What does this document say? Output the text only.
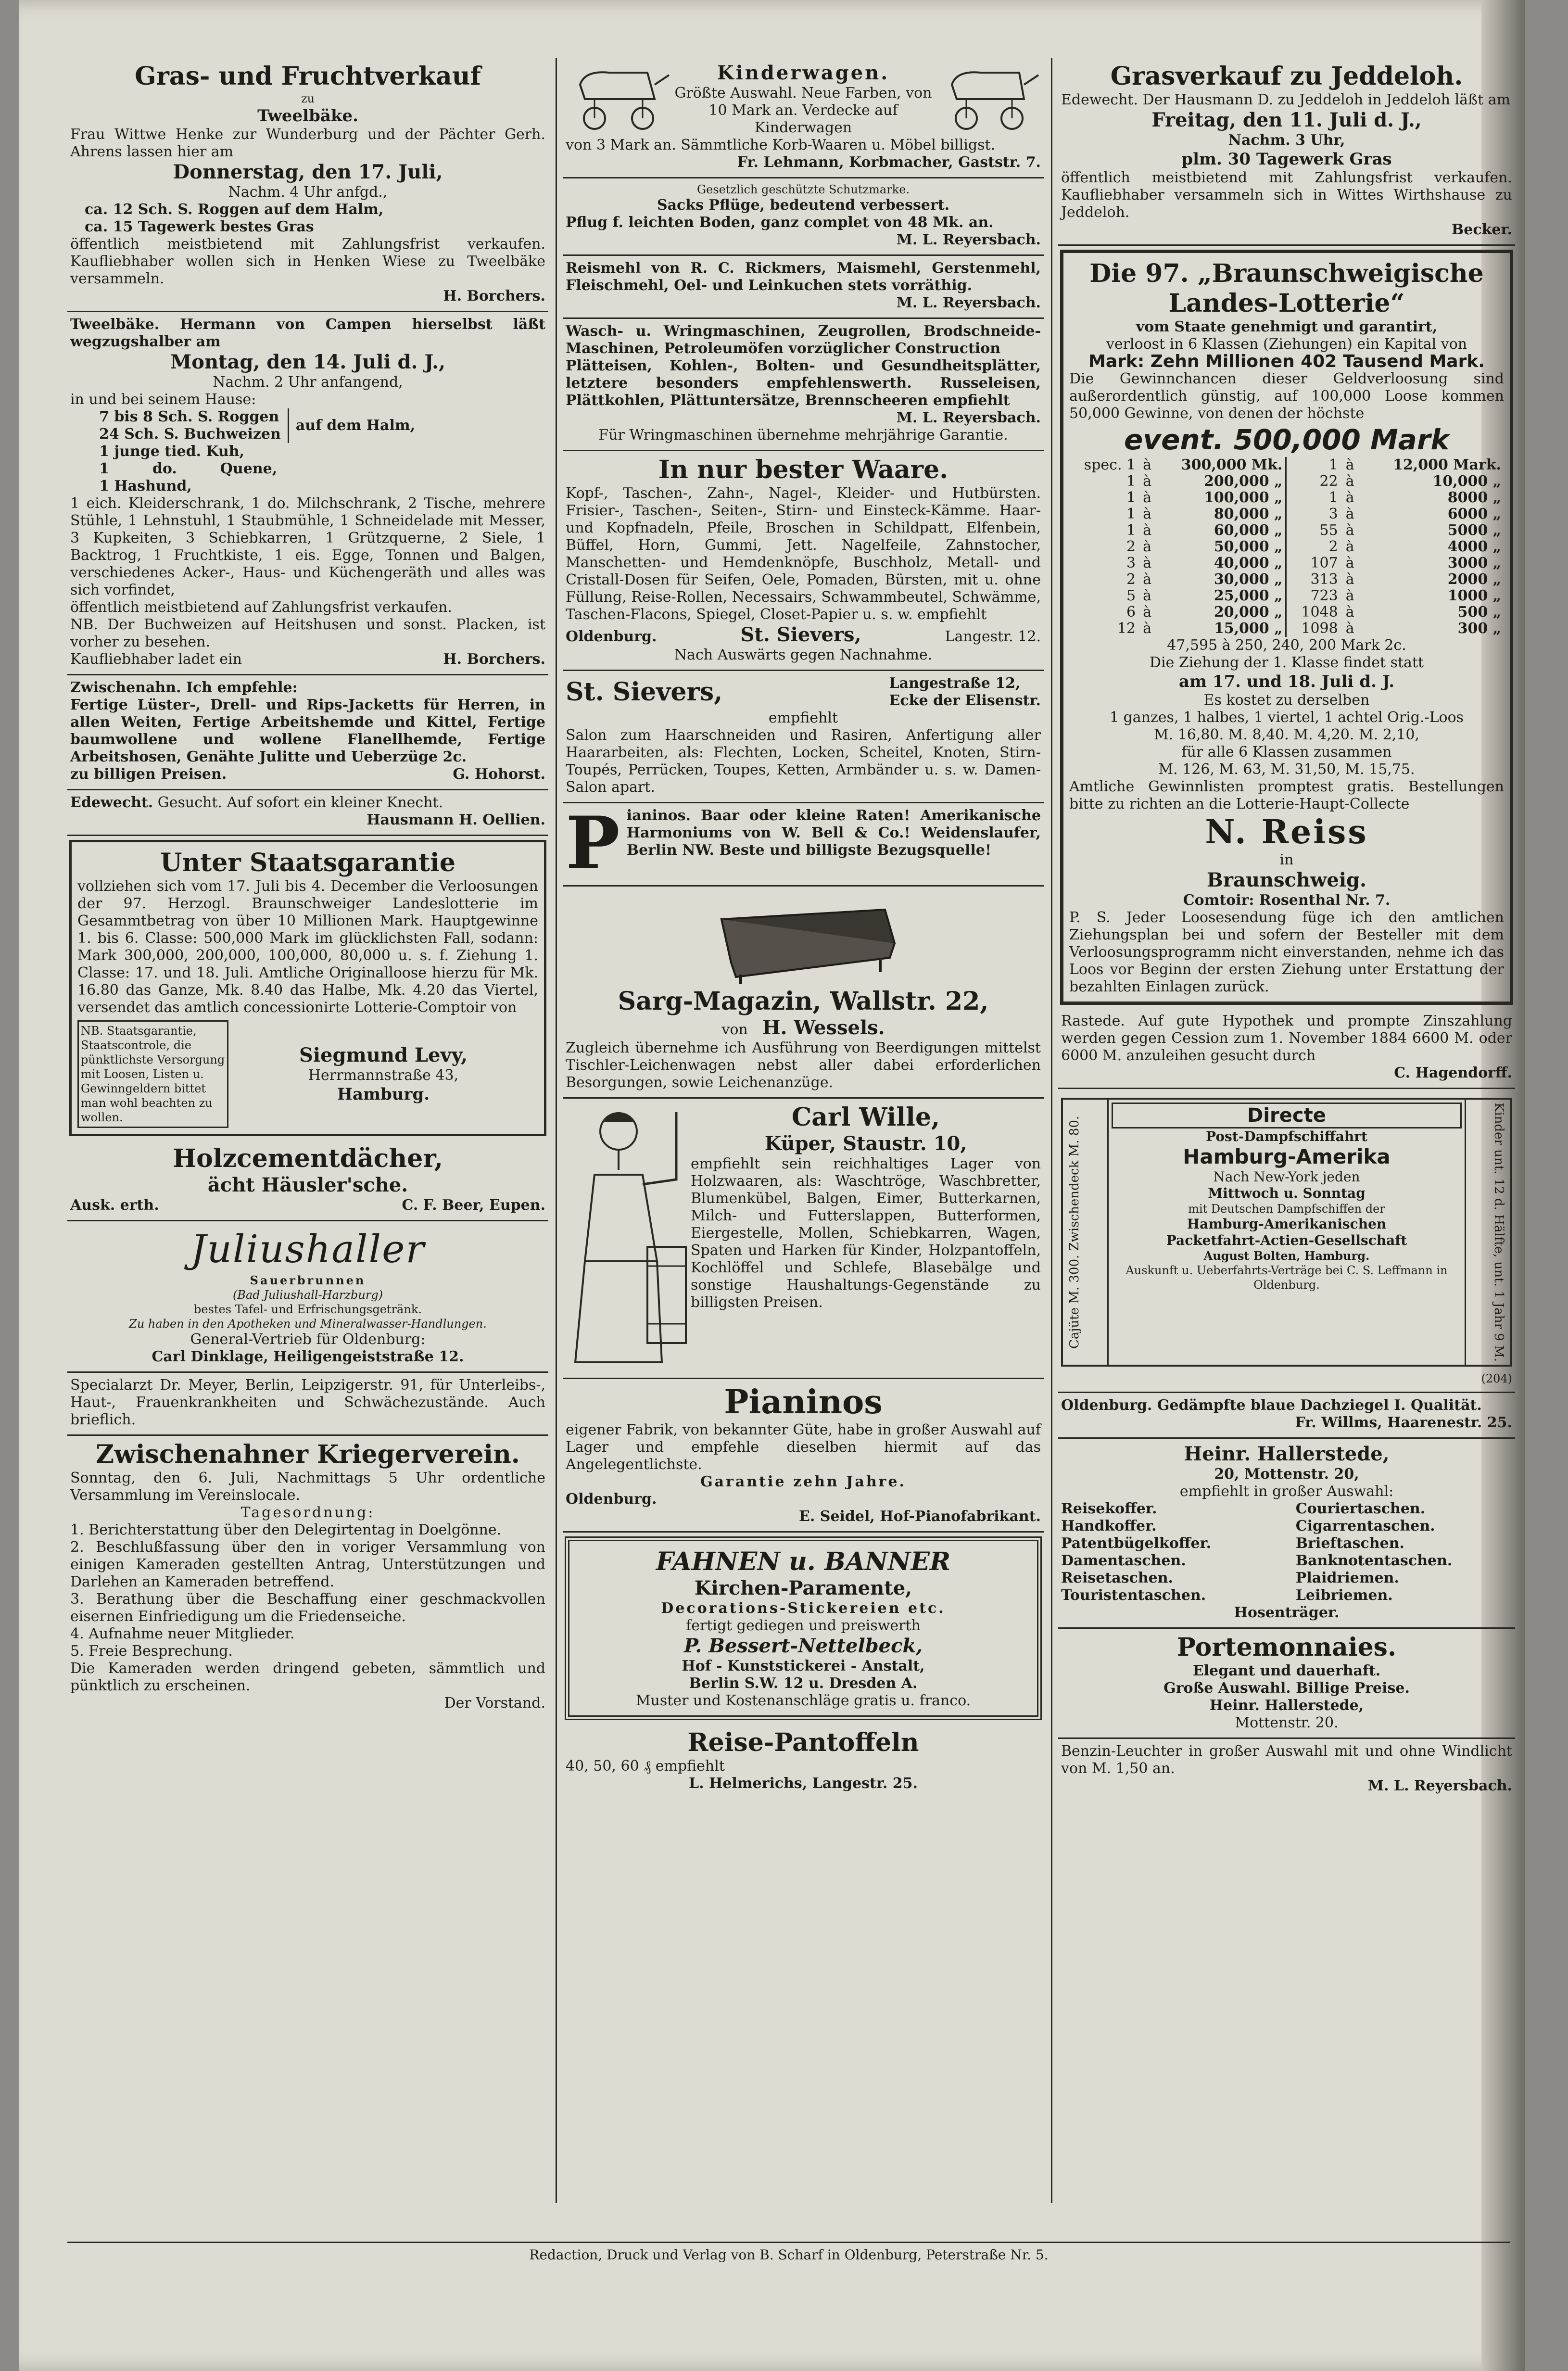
Gras- und Fruchtverkauf
zu
Tweelbäke.
Frau Wittwe Henke zur Wunderburg und der Pächter Gerh. Ahrens lassen hier am
Donnerstag, den 17. Juli,
Nachm. 4 Uhr anfgd.,
ca. 12 Sch. S. Roggen auf dem Halm,
ca. 15 Tagewerk bestes Gras
öffentlich meistbietend mit Zahlungsfrist verkaufen. Kaufliebhaber wollen sich in Henken Wiese zu Tweelbäke versammeln.
H. Borchers.
Tweelbäke. Hermann von Campen hierselbst läßt wegzugshalber am
Montag, den 14. Juli d. J.,
Nachm. 2 Uhr anfangend,
in und bei seinem Hause:
7 bis 8 Sch. S. Roggen
24 Sch. S. Buchweizen
auf dem Halm,
1 junge tied. Kuh,
1	do.	Quene,
1 Hashund,
1 eich. Kleiderschrank, 1 do. Milchschrank, 2 Tische, mehrere Stühle, 1 Lehnstuhl, 1 Staubmühle, 1 Schneidelade mit Messer, 3 Kupkeiten, 3 Schiebkarren, 1 Grützquerne, 2 Siele, 1 Backtrog, 1 Fruchtkiste, 1 eis. Egge, Tonnen und Balgen, verschiedenes Acker-, Haus- und Küchengeräth und alles was sich vorfindet,
öffentlich meistbietend auf Zahlungsfrist verkaufen.
NB. Der Buchweizen auf Heitshusen und sonst. Placken, ist vorher zu besehen.
Kaufliebhaber ladet ein	H. Borchers.
Zwischenahn. Ich empfehle:
Fertige Lüster-, Drell- und Rips-Jacketts für Herren, in allen Weiten, Fertige Arbeitshemde und Kittel, Fertige baumwollene und wollene Flanellhemde, Fertige Arbeitshosen, Genähte Julitte und Ueberzüge 2c.
zu billigen Preisen.	G. Hohorst.
Edewecht. Gesucht. Auf sofort ein kleiner Knecht.
Hausmann H. Oellien.
Unter Staatsgarantie
vollziehen sich vom 17. Juli bis 4. December die Verloosungen der 97. Herzogl. Braunschweiger Landeslotterie im Gesammtbetrag von über 10 Millionen Mark. Hauptgewinne 1. bis 6. Classe: 500,000 Mark im glücklichsten Fall, sodann: Mark 300,000, 200,000, 100,000, 80,000 u. s. f. Ziehung 1. Classe: 17. und 18. Juli. Amtliche Originalloose hierzu für Mk. 16.80 das Ganze, Mk. 8.40 das Halbe, Mk. 4.20 das Viertel, versendet das amtlich concessionirte Lotterie-Comptoir von
NB. Staatsgarantie, Staatscontrole, die pünktlichste Versorgung mit Loosen, Listen u. Gewinngeldern bittet man wohl beachten zu wollen.
Siegmund Levy,
Herrmannstraße 43,
Hamburg.
Holzcementdächer,
ächt Häusler'sche.
Ausk. erth.	C. F. Beer, Eupen.
Juliushaller
Sauerbrunnen
(Bad Juliushall-Harzburg)
bestes Tafel- und Erfrischungsgetränk.
Zu haben in den Apotheken und Mineralwasser-Handlungen.
General-Vertrieb für Oldenburg:
Carl Dinklage, Heiligengeiststraße 12.
Specialarzt Dr. Meyer, Berlin, Leipzigerstr. 91, für Unterleibs-, Haut-, Frauenkrankheiten und Schwächezustände. Auch brieflich.
Zwischenahner Kriegerverein.
Sonntag, den 6. Juli, Nachmittags 5 Uhr ordentliche Versammlung im Vereinslocale.
Tagesordnung:
1. Berichterstattung über den Delegirtentag in Doelgönne.
2. Beschlußfassung über den in voriger Versammlung von einigen Kameraden gestellten Antrag, Unterstützungen und Darlehen an Kameraden betreffend.
3. Berathung über die Beschaffung einer geschmackvollen eisernen Einfriedigung um die Friedenseiche.
4. Aufnahme neuer Mitglieder.
5. Freie Besprechung.
Die Kameraden werden dringend gebeten, sämmtlich und pünktlich zu erscheinen.
Der Vorstand.
Kinderwagen.
Größte Auswahl. Neue Farben, von 10 Mark an. Verdecke auf Kinderwagen
von 3 Mark an. Sämmtliche Korb-Waaren u. Möbel billigst.
Fr. Lehmann, Korbmacher, Gaststr. 7.
Gesetzlich geschützte Schutzmarke.
Sacks Pflüge, bedeutend verbessert.
Pflug f. leichten Boden, ganz complet von 48 Mk. an.
M. L. Reyersbach.
Reismehl von R. C. Rickmers, Maismehl, Gerstenmehl, Fleischmehl, Oel- und Leinkuchen stets vorräthig.
M. L. Reyersbach.
Wasch- u. Wringmaschinen, Zeugrollen, Brodschneide-Maschinen, Petroleumöfen vorzüglicher Construction
Plätteisen, Kohlen-, Bolten- und Gesundheitsplätter, letztere besonders empfehlenswerth. Russeleisen, Plättkohlen, Plättuntersätze, Brennscheeren empfiehlt
M. L. Reyersbach.
Für Wringmaschinen übernehme mehrjährige Garantie.
In nur bester Waare.
Kopf-, Taschen-, Zahn-, Nagel-, Kleider- und Hutbürsten. Frisier-, Taschen-, Seiten-, Stirn- und Einsteck-Kämme. Haar- und Kopfnadeln, Pfeile, Broschen in Schildpatt, Elfenbein, Büffel, Horn, Gummi, Jett. Nagelfeile, Zahnstocher, Manschetten- und Hemdenknöpfe, Buschholz, Metall- und Cristall-Dosen für Seifen, Oele, Pomaden, Bürsten, mit u. ohne Füllung, Reise-Rollen, Necessairs, Schwammbeutel, Schwämme, Taschen-Flacons, Spiegel, Closet-Papier u. s. w. empfiehlt
Oldenburg.	St. Sievers,	Langestr. 12.
Nach Auswärts gegen Nachnahme.
St. Sievers,	Langestraße 12,
Ecke der Elisenstr.
empfiehlt
Salon zum Haarschneiden und Rasiren, Anfertigung aller Haararbeiten, als: Flechten, Locken, Scheitel, Knoten, Stirn-Toupés, Perrücken, Toupes, Ketten, Armbänder u. s. w. Damen-Salon apart.
P ianinos. Baar oder kleine Raten! Amerikanische Harmoniums von W. Bell & Co.! Weidenslaufer, Berlin NW. Beste und billigste Bezugsquelle!
Sarg-Magazin, Wallstr. 22,
von H. Wessels.
Zugleich übernehme ich Ausführung von Beerdigungen mittelst Tischler-Leichenwagen nebst aller dabei erforderlichen Besorgungen, sowie Leichenanzüge.
Carl Wille,
Küper, Staustr. 10,
empfiehlt sein reichhaltiges Lager von Holzwaaren, als: Waschtröge, Waschbretter, Blumenkübel, Balgen, Eimer, Butterkarnen, Milch- und Futterslappen, Butterformen, Eiergestelle, Mollen, Schiebkarren, Wagen, Spaten und Harken für Kinder, Holzpantoffeln, Kochlöffel und Schlefe, Blasebälge und sonstige Haushaltungs-Gegenstände zu billigsten Preisen.
Pianinos
eigener Fabrik, von bekannter Güte, habe in großer Auswahl auf Lager und empfehle dieselben hiermit auf das Angelegentlichste.
Garantie zehn Jahre.
Oldenburg.
E. Seidel, Hof-Pianofabrikant.
FAHNEN u. BANNER
Kirchen-Paramente,
Decorations-Stickereien etc.
fertigt gediegen und preiswerth
P. Bessert-Nettelbeck,
Hof - Kunststickerei - Anstalt,
Berlin S.W. 12 u. Dresden A.
Muster und Kostenanschläge gratis u. franco.
Reise-Pantoffeln
40, 50, 60 ₰ empfiehlt
L. Helmerichs, Langestr. 25.
Grasverkauf zu Jeddeloh.
Edewecht. Der Hausmann D. zu Jeddeloh in Jeddeloh läßt am
Freitag, den 11. Juli d. J.,
Nachm. 3 Uhr,
plm. 30 Tagewerk Gras
öffentlich meistbietend mit Zahlungsfrist verkaufen. Kaufliebhaber versammeln sich in Wittes Wirthshause zu Jeddeloh.
Becker.
Die 97. „Braunschweigische
Landes-Lotterie“
vom Staate genehmigt und garantirt,
verloost in 6 Klassen (Ziehungen) ein Kapital von
Mark: Zehn Millionen 402 Tausend Mark.
Die Gewinnchancen dieser Geldverloosung sind außerordentlich günstig, auf 100,000 Loose kommen 50,000 Gewinne, von denen der höchste
event. 500,000 Mark
spec. 1	à	300,000 Mk.
1	à	200,000 „
1	à	100,000 „
1	à	80,000 „
1	à	60,000 „
2	à	50,000 „
3	à	40,000 „
2	à	30,000 „
5	à	25,000 „
6	à	20,000 „
12	à	15,000 „
1	à	12,000 Mark.
22	à	10,000 „
1	à	8000 „
3	à	6000 „
55	à	5000 „
2	à	4000 „
107	à	3000 „
313	à	2000 „
723	à	1000 „
1048	à	500 „
1098	à	300 „
47,595 à 250, 240, 200 Mark 2c.
Die Ziehung der 1. Klasse findet statt
am 17. und 18. Juli d. J.
Es kostet zu derselben
1 ganzes, 1 halbes, 1 viertel, 1 achtel Orig.-Loos
M. 16,80. M. 8,40. M. 4,20. M. 2,10,
für alle 6 Klassen zusammen
M. 126, M. 63, M. 31,50, M. 15,75.
Amtliche Gewinnlisten promptest gratis. Bestellungen bitte zu richten an die Lotterie-Haupt-Collecte
N. Reiss
in
Braunschweig.
Comtoir: Rosenthal Nr. 7.
P. S. Jeder Loosesendung füge ich den amtlichen Ziehungsplan bei und sofern der Besteller mit dem Verloosungsprogramm nicht einverstanden, nehme ich das Loos vor Beginn der ersten Ziehung unter Erstattung der bezahlten Einlagen zurück.
Rastede. Auf gute Hypothek und prompte Zinszahlung werden gegen Cession zum 1. November 1884 6600 M. oder 6000 M. anzuleihen gesucht durch
C. Hagendorff.
Cajüte M. 300. Zwischendeck M. 80.
Directe
Post-Dampfschiffahrt
Hamburg-Amerika
Nach New-York jeden
Mittwoch u. Sonntag
mit Deutschen Dampfschiffen der
Hamburg-Amerikanischen
Packetfahrt-Actien-Gesellschaft
August Bolten, Hamburg.
Auskunft u. Ueberfahrts-Verträge bei C. S. Leffmann in Oldenburg.	Kinder unt. 12 d. Hälfte, unt. 1 Jahr 9 M.
(204)
Oldenburg. Gedämpfte blaue Dachziegel I. Qualität.
Fr. Willms, Haarenestr. 25.
Heinr. Hallerstede,
20, Mottenstr. 20,
empfiehlt in großer Auswahl:
Reisekoffer.
Handkoffer.
Patentbügelkoffer.
Damentaschen.
Reisetaschen.
Touristentaschen.
Couriertaschen.
Cigarrentaschen.
Brieftaschen.
Banknotentaschen.
Plaidriemen.
Leibriemen.
Hosenträger.
Portemonnaies.
Elegant und dauerhaft.
Große Auswahl. Billige Preise.
Heinr. Hallerstede,
Mottenstr. 20.
Benzin-Leuchter in großer Auswahl mit und ohne Windlicht von M. 1,50 an.
M. L. Reyersbach.
Redaction, Druck und Verlag von B. Scharf in Oldenburg, Peterstraße Nr. 5.
